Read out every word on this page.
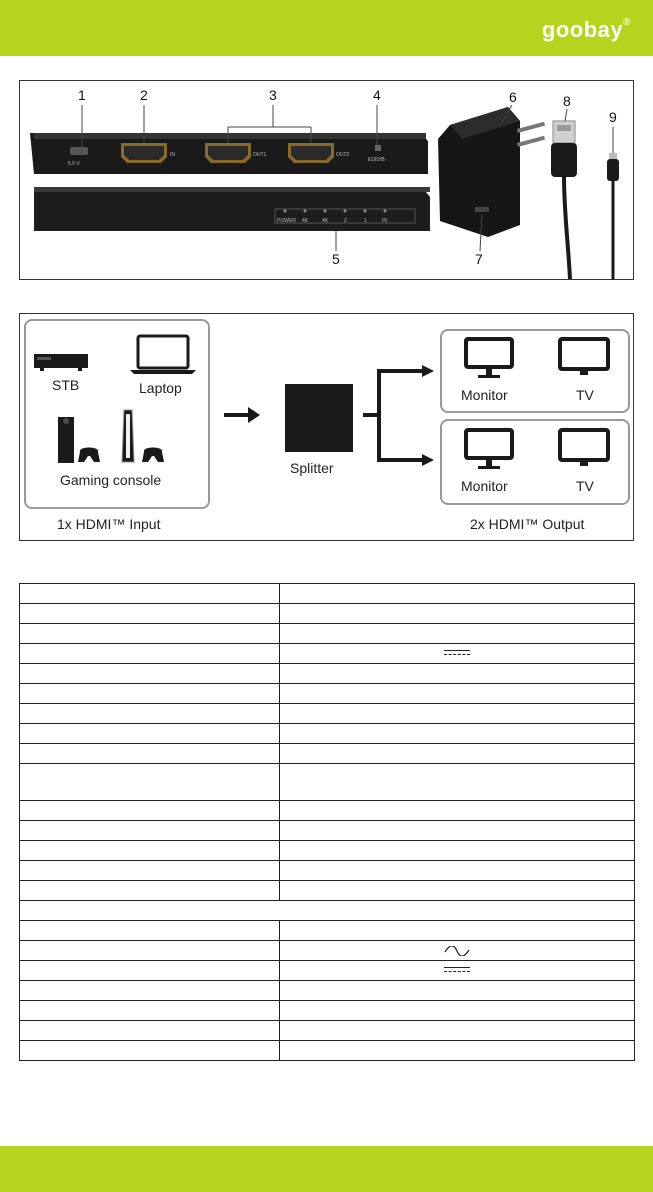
goobay®
5.0 V
IN	OUT1	OUT2
EDID/B
POWER 4K	4K	2	1	IN
1	2	3	4
5
6
7
8
9
STB	Laptop
Gaming console
Splitter
Monitor	TV
Monitor	TV
1x HDMI™ Input	2x HDMI™ Output
